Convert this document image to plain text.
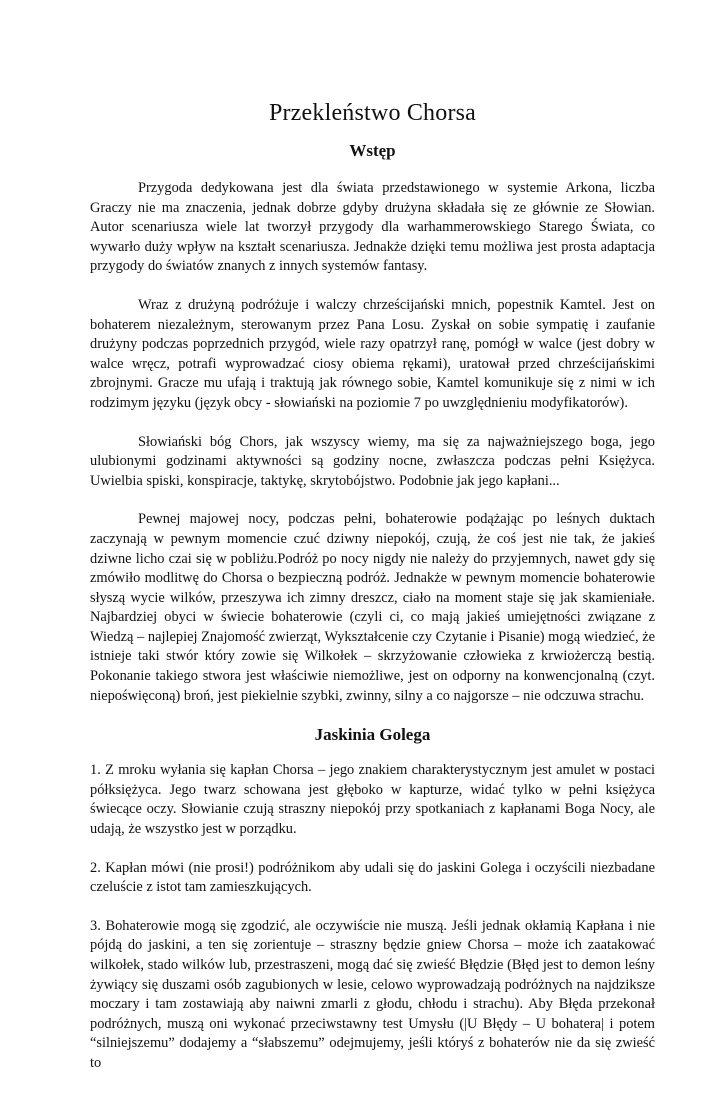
Przekleństwo Chorsa
Wstęp

Przygoda dedykowana jest dla świata przedstawionego w systemie Arkona, liczba Graczy nie ma znaczenia, jednak dobrze gdyby drużyna składała się ze głównie ze Słowian. Autor scenariusza wiele lat tworzył przygody dla warhammerowskiego Starego Świata, co wywarło duży wpływ na kształt scenariusza. Jednakże dzięki temu możliwa jest prosta adaptacja przygody do światów znanych z innych systemów fantasy.

Wraz z drużyną podróżuje i walczy chrześcijański mnich, popestnik Kamtel. Jest on bohaterem niezależnym, sterowanym przez Pana Losu. Zyskał on sobie sympatię i zaufanie drużyny podczas poprzednich przygód, wiele razy opatrzył ranę, pomógł w walce (jest dobry w walce wręcz, potrafi wyprowadzać ciosy obiema rękami), uratował przed chrześcijańskimi zbrojnymi. Gracze mu ufają i traktują jak równego sobie, Kamtel komunikuje się z nimi w ich rodzimym języku (język obcy - słowiański na poziomie 7 po uwzględnieniu modyfikatorów).

Słowiański bóg Chors, jak wszyscy wiemy, ma się za najważniejszego boga, jego ulubionymi godzinami aktywności są godziny nocne, zwłaszcza podczas pełni Księżyca. Uwielbia spiski, konspiracje, taktykę, skrytobójstwo. Podobnie jak jego kapłani...

Pewnej majowej nocy, podczas pełni, bohaterowie podążając po leśnych duktach zaczynają w pewnym momencie czuć dziwny niepokój, czują, że coś jest nie tak, że jakieś dziwne licho czai się w pobliżu.Podróż po nocy nigdy nie należy do przyjemnych, nawet gdy się zmówiło modlitwę do Chorsa o bezpieczną podróż. Jednakże w pewnym momencie bohaterowie słyszą wycie wilków, przeszywa ich zimny dreszcz, ciało na moment staje się jak skamieniałe. Najbardziej obyci w świecie bohaterowie (czyli ci, co mają jakieś umiejętności związane z Wiedzą – najlepiej Znajomość zwierząt, Wykształcenie czy Czytanie i Pisanie) mogą wiedzieć, że istnieje taki stwór który zowie się Wilkołek – skrzyżowanie człowieka z krwiożerczą bestią. Pokonanie takiego stwora jest właściwie niemożliwe, jest on odporny na konwencjonalną (czyt. niepoświęconą) broń, jest piekielnie szybki, zwinny, silny a co najgorsze – nie odczuwa strachu.

Jaskinia Golega

1. Z mroku wyłania się kapłan Chorsa – jego znakiem charakterystycznym jest amulet w postaci półksiężyca. Jego twarz schowana jest głęboko w kapturze, widać tylko w pełni księżyca świecące oczy. Słowianie czują straszny niepokój przy spotkaniach z kapłanami Boga Nocy, ale udają, że wszystko jest w porządku.

2. Kapłan mówi (nie prosi!) podróżnikom aby udali się do jaskini Golega i oczyścili niezbadane czeluście z istot tam zamieszkujących.

3. Bohaterowie mogą się zgodzić, ale oczywiście nie muszą. Jeśli jednak okłamią Kapłana i nie pójdą do jaskini, a ten się zorientuje – straszny będzie gniew Chorsa – może ich zaatakować wilkołek, stado wilków lub, przestraszeni, mogą dać się zwieść Błędzie (Błęd jest to demon leśny żywiący się duszami osób zagubionych w lesie, celowo wyprowadzają podróżnych na najdziksze moczary i tam zostawiają aby naiwni zmarli z głodu, chłodu i strachu). Aby Błęda przekonał podróżnych, muszą oni wykonać przeciwstawny test Umysłu (|U Błędy – U bohatera| i potem “silniejszemu” dodajemy a “słabszemu” odejmujemy, jeśli któryś z bohaterów nie da się zwieść to
